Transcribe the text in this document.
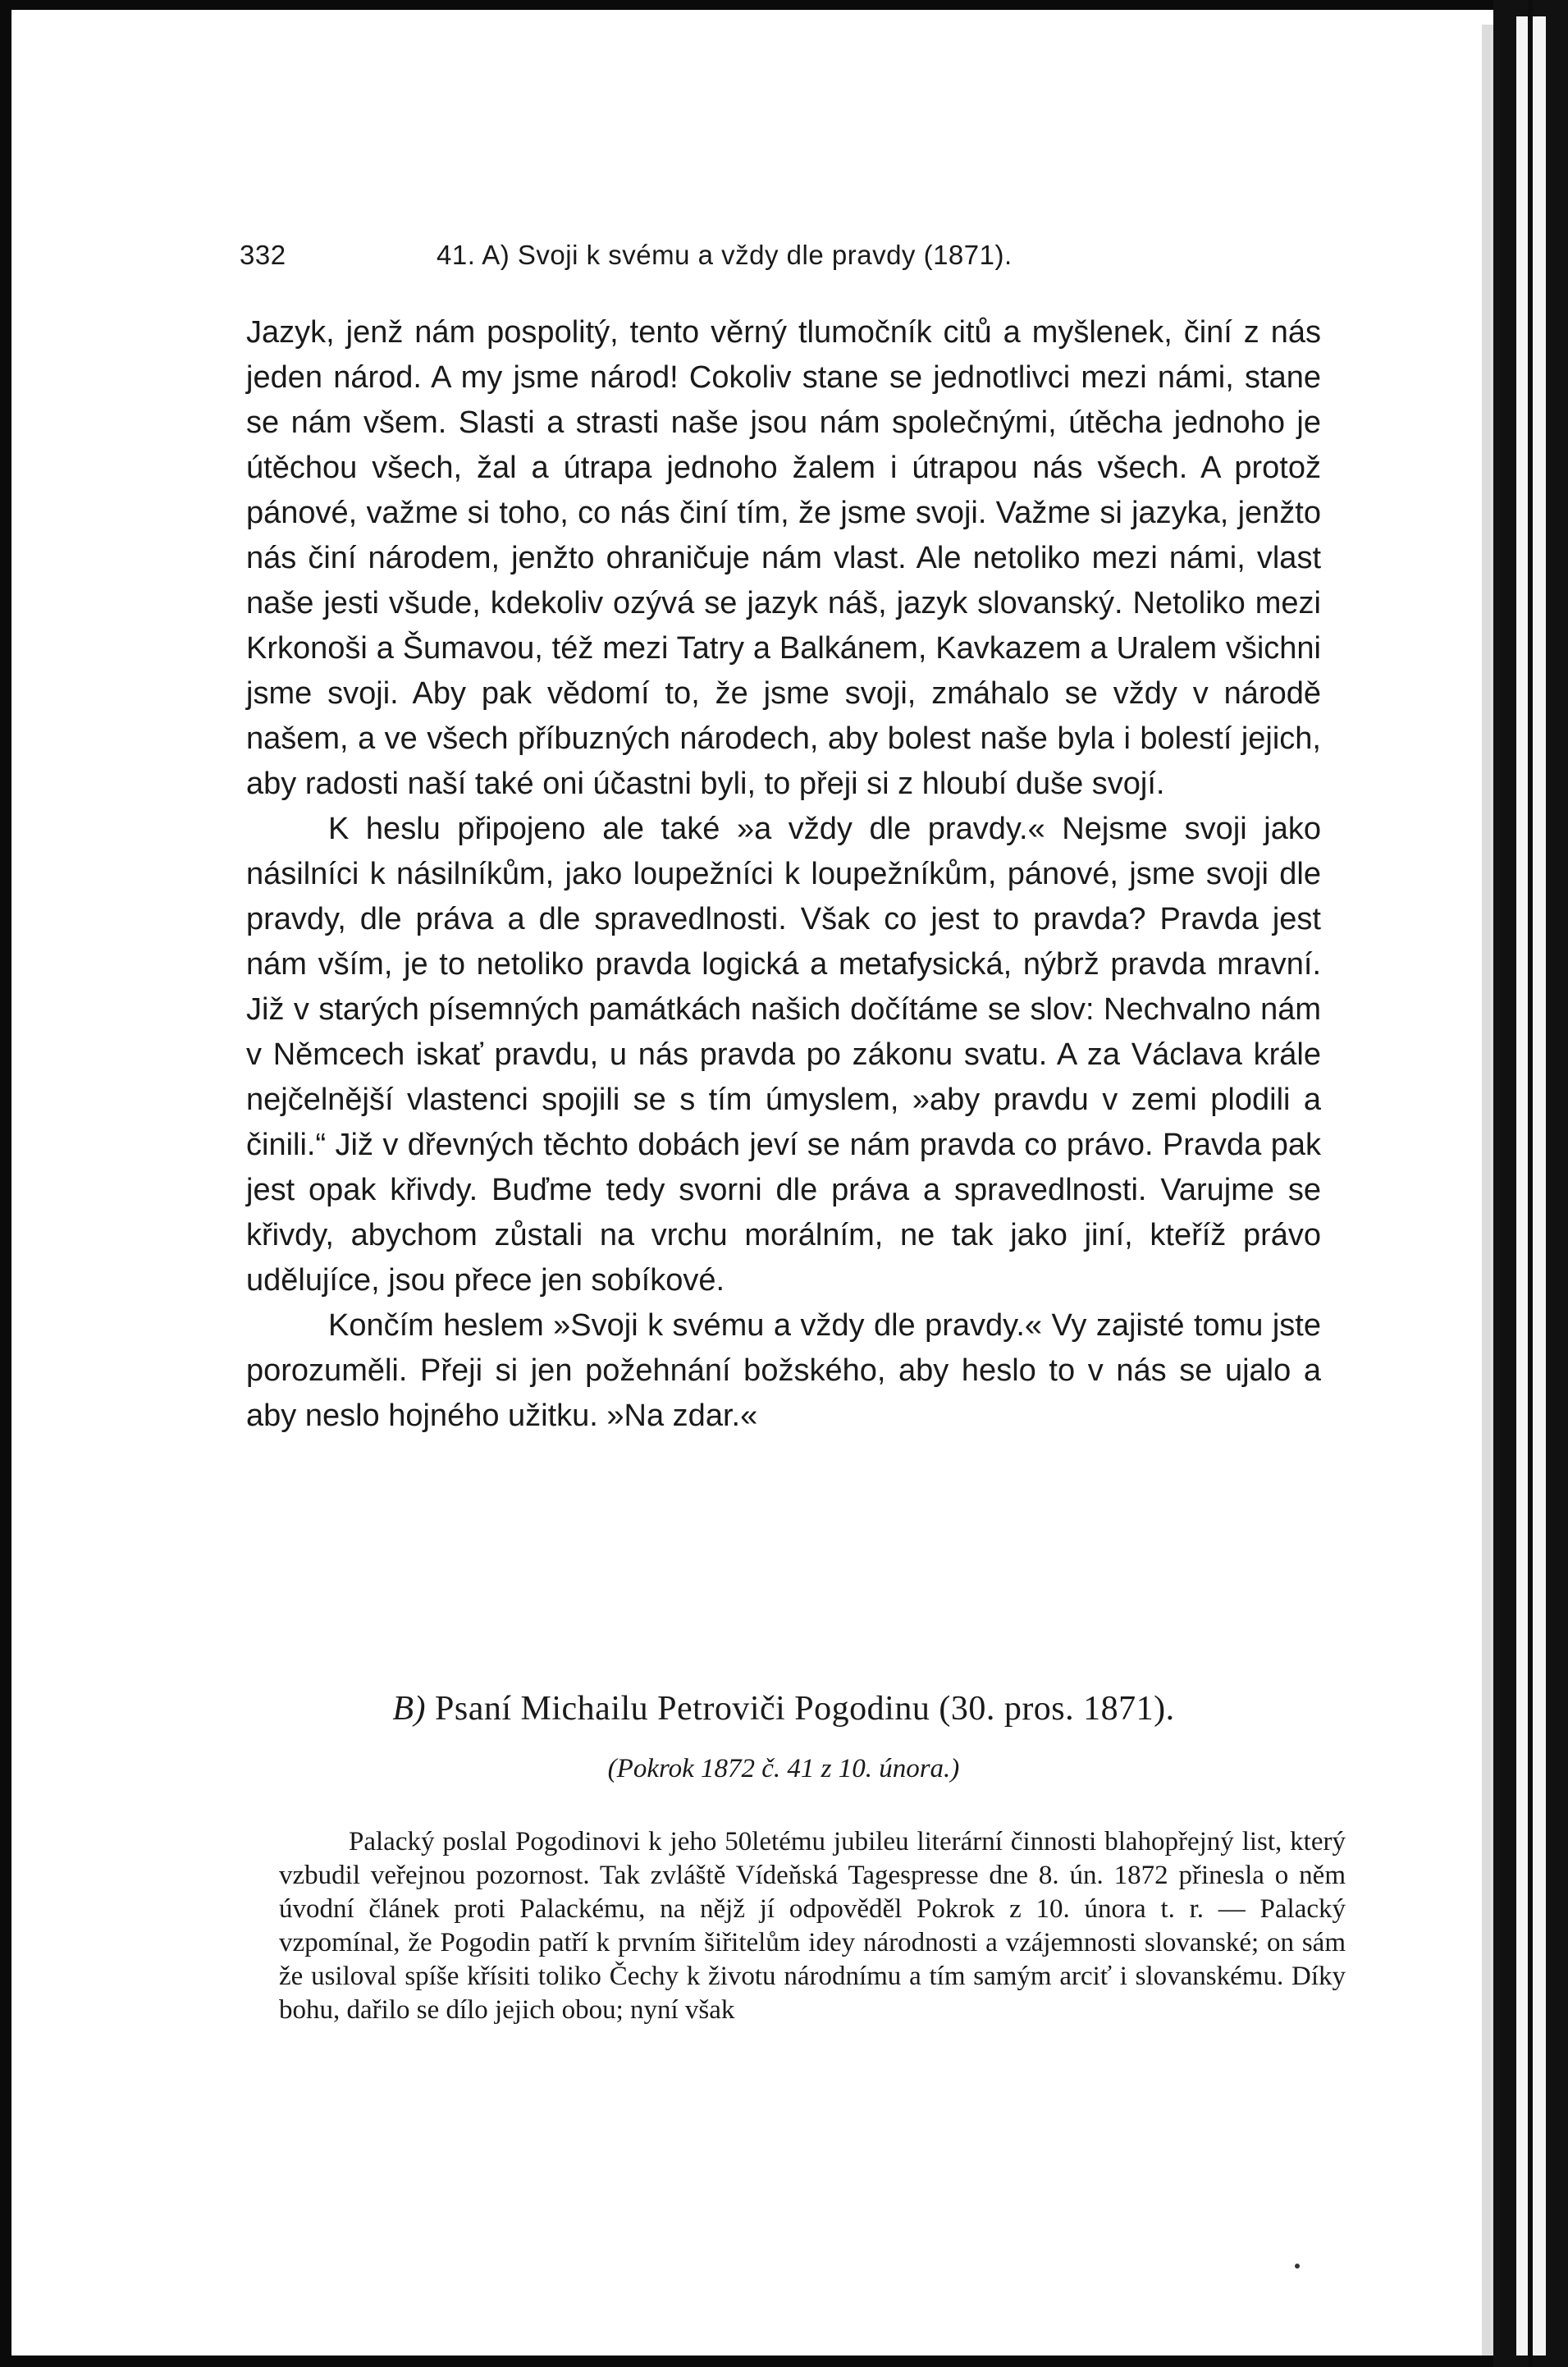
332	41. A) Svoji k svému a vždy dle pravdy (1871).

Jazyk, jenž nám pospolitý, tento věrný tlumočník citů a myšlenek, činí z nás jeden národ. A my jsme národ! Cokoliv stane se jednotlivci mezi námi, stane se nám všem. Slasti a strasti naše jsou nám společnými, útěcha jednoho je útěchou všech, žal a útrapa jednoho žalem i útrapou nás všech. A protož pánové, važme si toho, co nás činí tím, že jsme svoji. Važme si jazyka, jenžto nás činí národem, jenžto ohraničuje nám vlast. Ale netoliko mezi námi, vlast naše jesti všude, kdekoliv ozývá se jazyk náš, jazyk slovanský. Netoliko mezi Krkonoši a Šumavou, též mezi Tatry a Balkánem, Kavkazem a Uralem všichni jsme svoji. Aby pak vědomí to, že jsme svoji, zmáhalo se vždy v národě našem, a ve všech příbuzných národech, aby bolest naše byla i bolestí jejich, aby radosti naší také oni účastni byli, to přeji si z hloubí duše svojí.

K heslu připojeno ale také »a vždy dle pravdy.« Nejsme svoji jako násilníci k násilníkům, jako loupežníci k loupežníkům, pánové, jsme svoji dle pravdy, dle práva a dle spravedlnosti. Však co jest to pravda? Pravda jest nám vším, je to netoliko pravda logická a metafysická, nýbrž pravda mravní. Již v starých písemných památkách našich dočítáme se slov: Nechvalno nám v Němcech iskať pravdu, u nás pravda po zákonu svatu. A za Václava krále nejčelnější vlastenci spojili se s tím úmyslem, »aby pravdu v zemi plodili a činili.“ Již v dřevných těchto dobách jeví se nám pravda co právo. Pravda pak jest opak křivdy. Buďme tedy svorni dle práva a spravedlnosti. Varujme se křivdy, abychom zůstali na vrchu morálním, ne tak jako jiní, kteříž právo udělujíce, jsou přece jen sobíkové.

Končím heslem »Svoji k svému a vždy dle pravdy.« Vy zajisté tomu jste porozuměli. Přeji si jen požehnání božského, aby heslo to v nás se ujalo a aby neslo hojného užitku. »Na zdar.«

B) Psaní Michailu Petroviči Pogodinu (30. pros. 1871).
(Pokrok 1872 č. 41 z 10. února.)

Palacký poslal Pogodinovi k jeho 50letému jubileu literární činnosti blahopřejný list, který vzbudil veřejnou pozornost. Tak zvláště Vídeňská Tagespresse dne 8. ún. 1872 přinesla o něm úvodní článek proti Palackému, na nějž jí odpověděl Pokrok z 10. února t. r. — Palacký vzpomínal, že Pogodin patří k prvním šiřitelům idey národnosti a vzájemnosti slovanské; on sám že usiloval spíše křísiti toliko Čechy k životu národnímu a tím samým arciť i slovanskému. Díky bohu, dařilo se dílo jejich obou; nyní však
